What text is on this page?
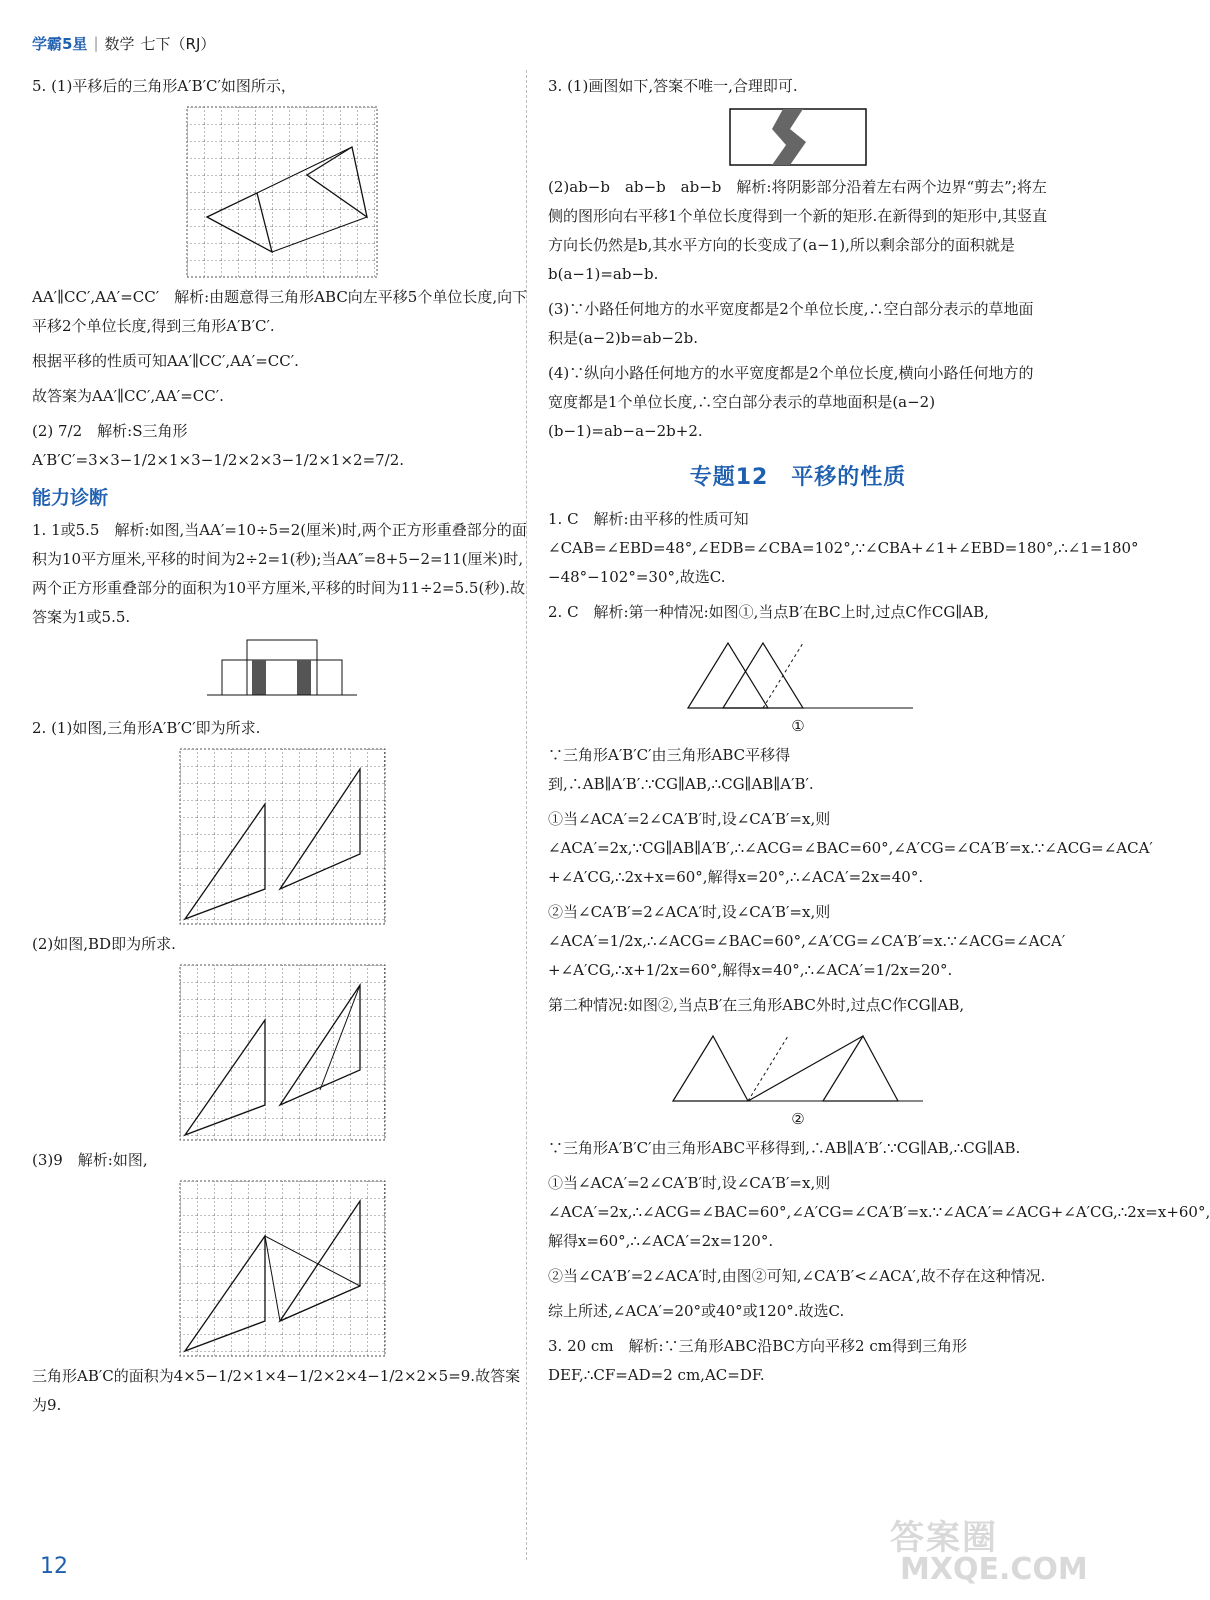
学霸5星 | 数学 七下（RJ）

5. (1)平移后的三角形A′B′C′如图所示，

AA′∥CC′,AA′=CC′　解析:由题意得三角形ABC向左平移5个单位长度,向下平移2个单位长度,得到三角形A′B′C′.

根据平移的性质可知AA′∥CC′,AA′=CC′.

故答案为AA′∥CC′,AA′=CC′.

(2) 7/2　解析:S三角形A′B′C′=3×3−1/2×1×3−1/2×2×3−1/2×1×2=7/2.

能力诊断

1. 1或5.5　解析:如图,当AA′=10÷5=2(厘米)时,两个正方形重叠部分的面积为10平方厘米,平移的时间为2÷2=1(秒);当AA″=8+5−2=11(厘米)时,两个正方形重叠部分的面积为10平方厘米,平移的时间为11÷2=5.5(秒).故答案为1或5.5.

2. (1)如图,三角形A′B′C′即为所求.

(2)如图,BD即为所求.

(3)9　解析:如图,

三角形AB′C的面积为4×5−1/2×1×4−1/2×2×4−1/2×2×5=9.故答案为9.

3. (1)画图如下,答案不唯一,合理即可.

(2)ab−b　ab−b　ab−b　解析:将阴影部分沿着左右两个边界“剪去”;将左侧的图形向右平移1个单位长度得到一个新的矩形.在新得到的矩形中,其竖直方向长仍然是b,其水平方向的长变成了(a−1),所以剩余部分的面积就是b(a−1)=ab−b.

(3)∵小路任何地方的水平宽度都是2个单位长度,∴空白部分表示的草地面积是(a−2)b=ab−2b.

(4)∵纵向小路任何地方的水平宽度都是2个单位长度,横向小路任何地方的宽度都是1个单位长度,∴空白部分表示的草地面积是(a−2)(b−1)=ab−a−2b+2.

专题12　平移的性质

1. C　解析:由平移的性质可知∠CAB=∠EBD=48°,∠EDB=∠CBA=102°,∵∠CBA+∠1+∠EBD=180°,∴∠1=180°−48°−102°=30°,故选C.

2. C　解析:第一种情况:如图①,当点B′在BC上时,过点C作CG∥AB,

①

∵三角形A′B′C′由三角形ABC平移得到,∴AB∥A′B′.∵CG∥AB,∴CG∥AB∥A′B′.

①当∠ACA′=2∠CA′B′时,设∠CA′B′=x,则∠ACA′=2x,∵CG∥AB∥A′B′,∴∠ACG=∠BAC=60°,∠A′CG=∠CA′B′=x.∵∠ACG=∠ACA′+∠A′CG,∴2x+x=60°,解得x=20°,∴∠ACA′=2x=40°.

②当∠CA′B′=2∠ACA′时,设∠CA′B′=x,则∠ACA′=1/2x,∴∠ACG=∠BAC=60°,∠A′CG=∠CA′B′=x.∵∠ACG=∠ACA′+∠A′CG,∴x+1/2x=60°,解得x=40°,∴∠ACA′=1/2x=20°.

第二种情况:如图②,当点B′在三角形ABC外时,过点C作CG∥AB,

②

∵三角形A′B′C′由三角形ABC平移得到,∴AB∥A′B′.∵CG∥AB,∴CG∥AB.

①当∠ACA′=2∠CA′B′时,设∠CA′B′=x,则∠ACA′=2x,∴∠ACG=∠BAC=60°,∠A′CG=∠CA′B′=x.∵∠ACA′=∠ACG+∠A′CG,∴2x=x+60°,解得x=60°,∴∠ACA′=2x=120°.

②当∠CA′B′=2∠ACA′时,由图②可知,∠CA′B′<∠ACA′,故不存在这种情况.

综上所述,∠ACA′=20°或40°或120°.故选C.

3. 20 cm　解析:∵三角形ABC沿BC方向平移2 cm得到三角形DEF,∴CF=AD=2 cm,AC=DF.

12
答案圈
MXQE.COM
